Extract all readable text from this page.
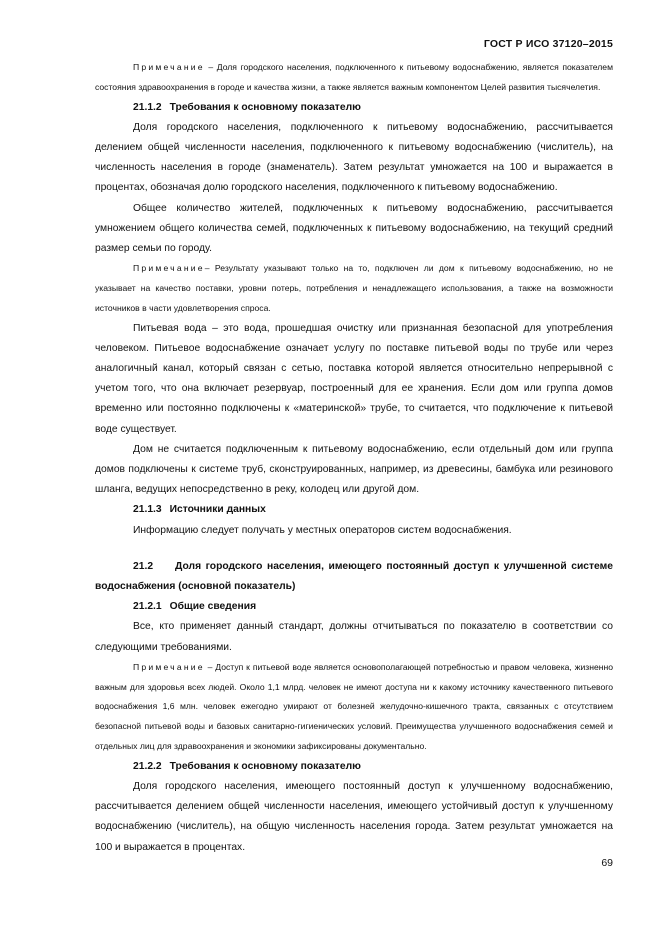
ГОСТ Р ИСО 37120–2015

Примечание – Доля городского населения, подключенного к питьевому водоснабжению, является показателем состояния здравоохранения в городе и качества жизни, а также является важным компонентом Целей развития тысячелетия.

21.1.2 Требования к основному показателю

Доля городского населения, подключенного к питьевому водоснабжению, рассчитывается делением общей численности населения, подключенного к питьевому водоснабжению (числитель), на численность населения в городе (знаменатель). Затем результат умножается на 100 и выражается в процентах, обозначая долю городского населения, подключенного к питьевому водоснабжению.

Общее количество жителей, подключенных к питьевому водоснабжению, рассчитывается умножением общего количества семей, подключенных к питьевому водоснабжению, на текущий средний размер семьи по городу.

Примечание– Результату указывают только на то, подключен ли дом к питьевому водоснабжению, но не указывает на качество поставки, уровни потерь, потребления и ненадлежащего использования, а также на возможности источников в части удовлетворения спроса.

Питьевая вода – это вода, прошедшая очистку или признанная безопасной для употребления человеком. Питьевое водоснабжение означает услугу по поставке питьевой воды по трубе или через аналогичный канал, который связан с сетью, поставка которой является относительно непрерывной с учетом того, что она включает резервуар, построенный для ее хранения. Если дом или группа домов временно или постоянно подключены к «материнской» трубе, то считается, что подключение к питьевой воде существует.

Дом не считается подключенным к питьевому водоснабжению, если отдельный дом или группа домов подключены к системе труб, сконструированных, например, из древесины, бамбука или резинового шланга, ведущих непосредственно в реку, колодец или другой дом.

21.1.3 Источники данных

Информацию следует получать у местных операторов систем водоснабжения.

21.2 Доля городского населения, имеющего постоянный доступ к улучшенной системе водоснабжения (основной показатель)

21.2.1 Общие сведения

Все, кто применяет данный стандарт, должны отчитываться по показателю в соответствии со следующими требованиями.

Примечание – Доступ к питьевой воде является основополагающей потребностью и правом человека, жизненно важным для здоровья всех людей. Около 1,1 млрд. человек не имеют доступа ни к какому источнику качественного питьевого водоснабжения 1,6 млн. человек ежегодно умирают от болезней желудочно-кишечного тракта, связанных с отсутствием безопасной питьевой воды и базовых санитарно-гигиенических условий. Преимущества улучшенного водоснабжения семей и отдельных лиц для здравоохранения и экономики зафиксированы документально.

21.2.2 Требования к основному показателю

Доля городского населения, имеющего постоянный доступ к улучшенному водоснабжению, рассчитывается делением общей численности населения, имеющего устойчивый доступ к улучшенному водоснабжению (числитель), на общую численность населения города. Затем результат умножается на 100 и выражается в процентах.

69
